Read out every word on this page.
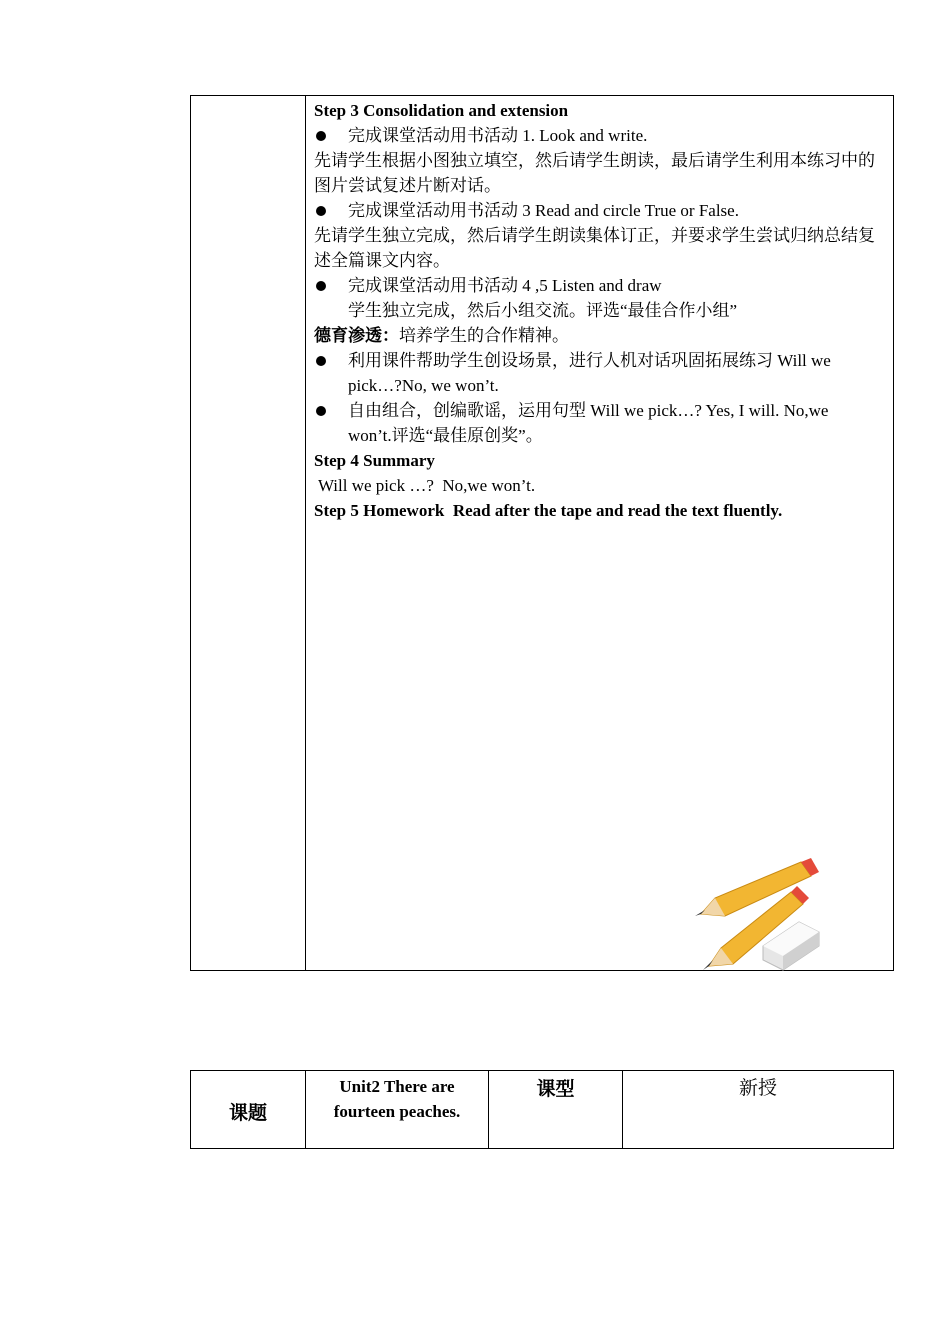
Step 3 Consolidation and extension
完成课堂活动用书活动 1. Look and write.
先请学生根据小图独立填空，然后请学生朗读，最后请学生利用本练习中的图片尝试复述片断对话。
完成课堂活动用书活动 3 Read and circle True or False.
先请学生独立完成，然后请学生朗读集体订正，并要求学生尝试归纳总结复述全篇课文内容。
完成课堂活动用书活动 4 ,5 Listen and draw
学生独立完成，然后小组交流。评选“最佳合作小组”
德育渗透：培养学生的合作精神。
利用课件帮助学生创设场景，进行人机对话巩固拓展练习 Will we
pick…?No, we won’t.
自由组合，创编歌谣，运用句型 Will we pick…? Yes, I will. No,we
won’t.评选“最佳原创奖”。
Step 4 Summary
Will we pick …?  No,we won’t.
Step 5 Homework  Read after the tape and read the text fluently.
课题
Unit2 There are
fourteen peaches.
课型	新授
